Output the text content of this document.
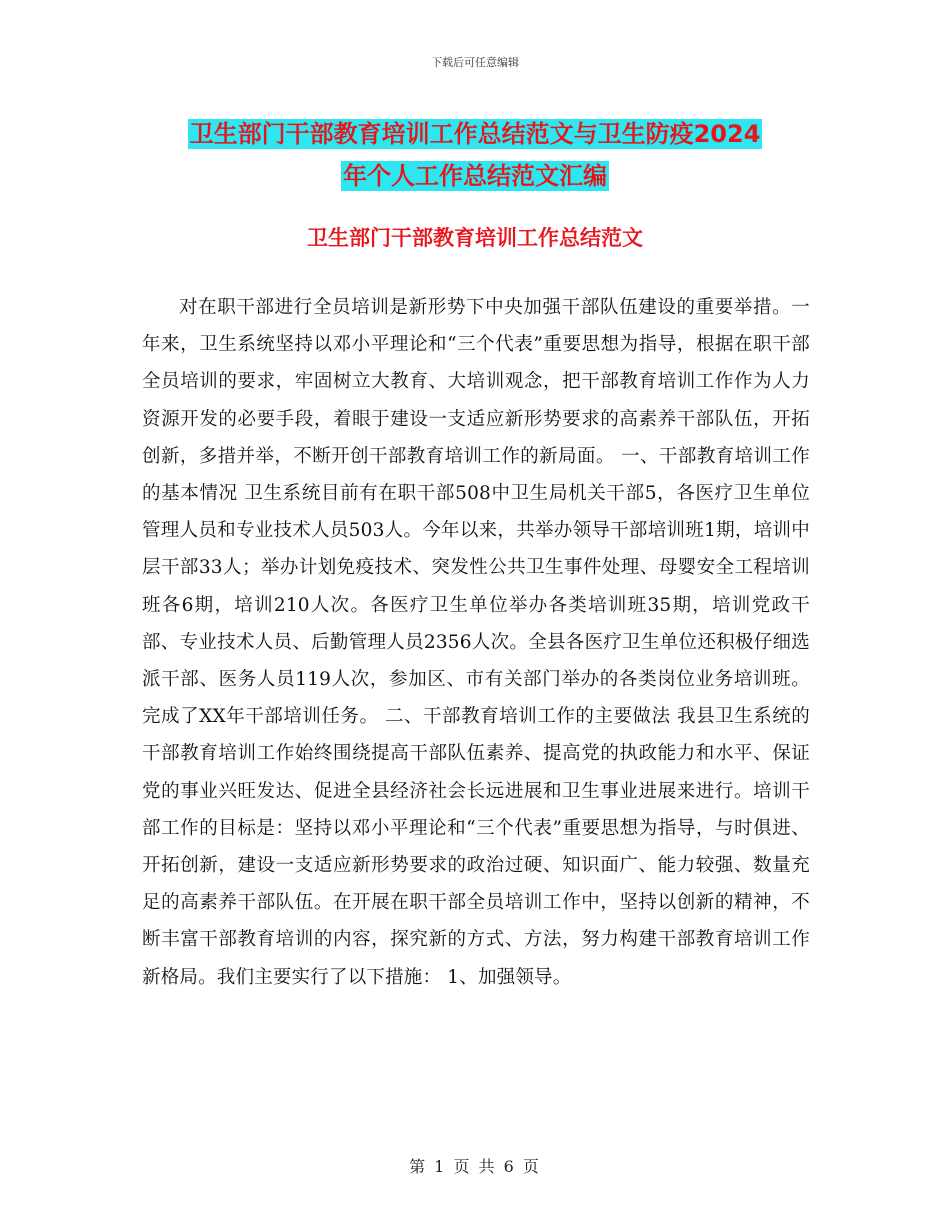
下载后可任意编辑
卫生部门干部教育培训工作总结范文与卫生防疫2024
年个人工作总结范文汇编
卫生部门干部教育培训工作总结范文

对在职干部进行全员培训是新形势下中央加强干部队伍建设的重要举措。一年来，卫生系统坚持以邓小平理论和“三个代表”重要思想为指导，根据在职干部全员培训的要求，牢固树立大教育、大培训观念，把干部教育培训工作作为人力资源开发的必要手段，着眼于建设一支适应新形势要求的高素养干部队伍，开拓创新，多措并举，不断开创干部教育培训工作的新局面。 一、干部教育培训工作的基本情况 卫生系统目前有在职干部508中卫生局机关干部5，各医疗卫生单位管理人员和专业技术人员503人。今年以来，共举办领导干部培训班1期，培训中层干部33人；举办计划免疫技术、突发性公共卫生事件处理、母婴安全工程培训班各6期，培训210人次。各医疗卫生单位举办各类培训班35期，培训党政干部、专业技术人员、后勤管理人员2356人次。全县各医疗卫生单位还积极仔细选派干部、医务人员119人次，参加区、市有关部门举办的各类岗位业务培训班。完成了XX年干部培训任务。 二、干部教育培训工作的主要做法 我县卫生系统的干部教育培训工作始终围绕提高干部队伍素养、提高党的执政能力和水平、保证党的事业兴旺发达、促进全县经济社会长远进展和卫生事业进展来进行。培训干部工作的目标是：坚持以邓小平理论和“三个代表”重要思想为指导，与时俱进、开拓创新，建设一支适应新形势要求的政治过硬、知识面广、能力较强、数量充足的高素养干部队伍。在开展在职干部全员培训工作中，坚持以创新的精神，不断丰富干部教育培训的内容，探究新的方式、方法，努力构建干部教育培训工作新格局。我们主要实行了以下措施： 1、加强领导。

第 1 页 共 6 页
